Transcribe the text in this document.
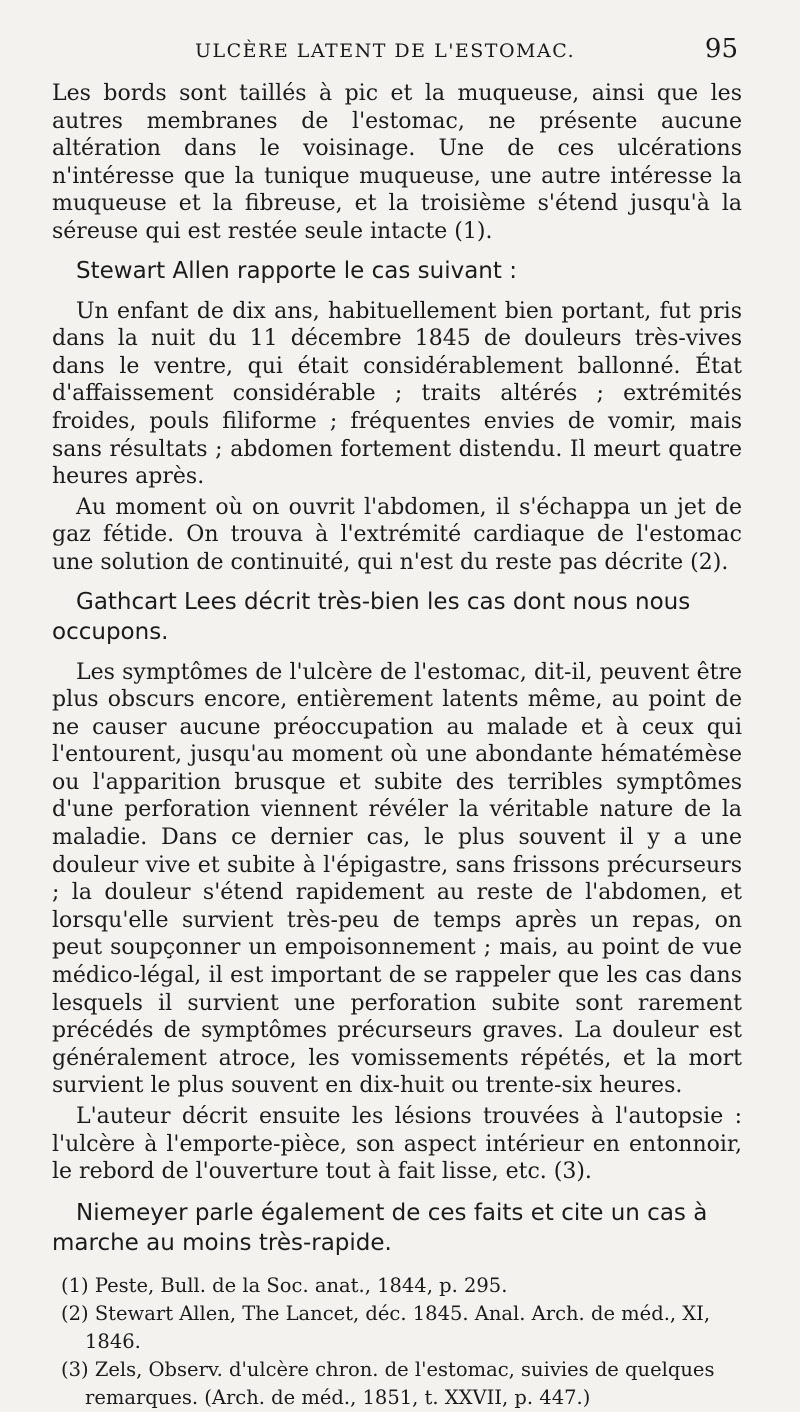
ULCÈRE LATENT DE L'ESTOMAC.	95

Les bords sont taillés à pic et la muqueuse, ainsi que les autres membranes de l'estomac, ne présente aucune altération dans le voisinage. Une de ces ulcérations n'intéresse que la tunique muqueuse, une autre intéresse la muqueuse et la fibreuse, et la troisième s'étend jusqu'à la séreuse qui est restée seule intacte (1).

Stewart Allen rapporte le cas suivant :

Un enfant de dix ans, habituellement bien portant, fut pris dans la nuit du 11 décembre 1845 de douleurs très-vives dans le ventre, qui était considérablement ballonné. État d'affaissement considérable ; traits altérés ; extrémités froides, pouls filiforme ; fréquentes envies de vomir, mais sans résultats ; abdomen fortement distendu. Il meurt quatre heures après.

Au moment où on ouvrit l'abdomen, il s'échappa un jet de gaz fétide. On trouva à l'extrémité cardiaque de l'estomac une solution de continuité, qui n'est du reste pas décrite (2).

Gathcart Lees décrit très-bien les cas dont nous nous occupons.

Les symptômes de l'ulcère de l'estomac, dit-il, peuvent être plus obscurs encore, entièrement latents même, au point de ne causer aucune préoccupation au malade et à ceux qui l'entourent, jusqu'au moment où une abondante hématémèse ou l'apparition brusque et subite des terribles symptômes d'une perforation viennent révéler la véritable nature de la maladie. Dans ce dernier cas, le plus souvent il y a une douleur vive et subite à l'épigastre, sans frissons précurseurs ; la douleur s'étend rapidement au reste de l'abdomen, et lorsqu'elle survient très-peu de temps après un repas, on peut soupçonner un empoisonnement ; mais, au point de vue médico-légal, il est important de se rappeler que les cas dans lesquels il survient une perforation subite sont rarement précédés de symptômes précurseurs graves. La douleur est généralement atroce, les vomissements répétés, et la mort survient le plus souvent en dix-huit ou trente-six heures.

L'auteur décrit ensuite les lésions trouvées à l'autopsie : l'ulcère à l'emporte-pièce, son aspect intérieur en entonnoir, le rebord de l'ouverture tout à fait lisse, etc. (3).

Niemeyer parle également de ces faits et cite un cas à marche au moins très-rapide.

(1) Peste, Bull. de la Soc. anat., 1844, p. 295.

(2) Stewart Allen, The Lancet, déc. 1845. Anal. Arch. de méd., XI, 1846.

(3) Zels, Observ. d'ulcère chron. de l'estomac, suivies de quelques remarques. (Arch. de méd., 1851, t. XXVII, p. 447.)
